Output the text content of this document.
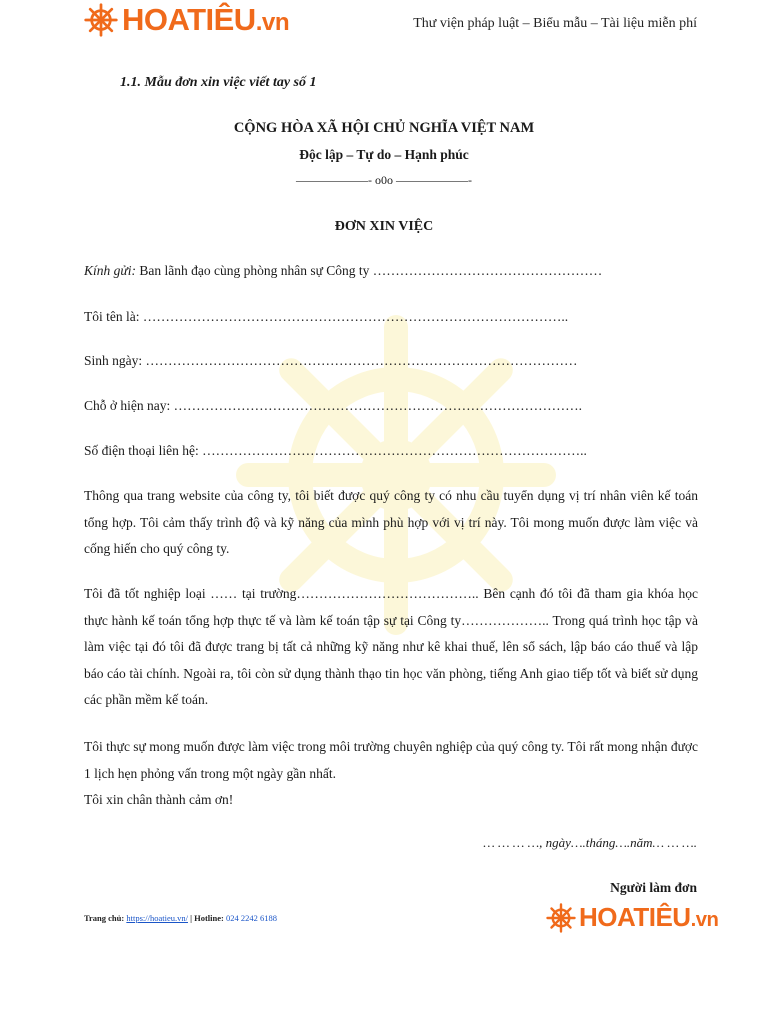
HOATIÊU.vn	Thư viện pháp luật – Biểu mẫu – Tài liệu miễn phí
1.1. Mẫu đơn xin việc viết tay số 1
CỘNG HÒA XÃ HỘI CHỦ NGHĨA VIỆT NAM
Độc lập – Tự do – Hạnh phúc
——————- o0o ——————-
ĐƠN XIN VIỆC
Kính gửi: Ban lãnh đạo cùng phòng nhân sự Công ty ……………………………………………
Tôi tên là: …………………………………………………………………………………..
Sinh ngày: ……………………………………………………………………………………
Chỗ ở hiện nay: ……………………………………………………………………………….
Số điện thoại liên hệ: …………………………………………………………………………..
Thông qua trang website của công ty, tôi biết được quý công ty có nhu cầu tuyển dụng vị trí nhân viên kế toán tổng hợp. Tôi cảm thấy trình độ và kỹ năng của mình phù hợp với vị trí này. Tôi mong muốn được làm việc và cống hiến cho quý công ty.
Tôi đã tốt nghiệp loại …… tại trường………………………………….. Bên cạnh đó tôi đã tham gia khóa học thực hành kế toán tổng hợp thực tế và làm kế toán tập sự tại Công ty……………….. Trong quá trình học tập và làm việc tại đó tôi đã được trang bị tất cả những kỹ năng như kê khai thuế, lên sổ sách, lập báo cáo thuế và lập báo cáo tài chính. Ngoài ra, tôi còn sử dụng thành thạo tin học văn phòng, tiếng Anh giao tiếp tốt và biết sử dụng các phần mềm kế toán.
Tôi thực sự mong muốn được làm việc trong môi trường chuyên nghiệp của quý công ty. Tôi rất mong nhận được 1 lịch hẹn phỏng vấn trong một ngày gần nhất.
Tôi xin chân thành cảm ơn!
… … … …, ngày….tháng….năm… … ….
Người làm đơn
Trang chủ: https://hoatieu.vn/ | Hotline: 024 2242 6188	HOATIÊU.vn
